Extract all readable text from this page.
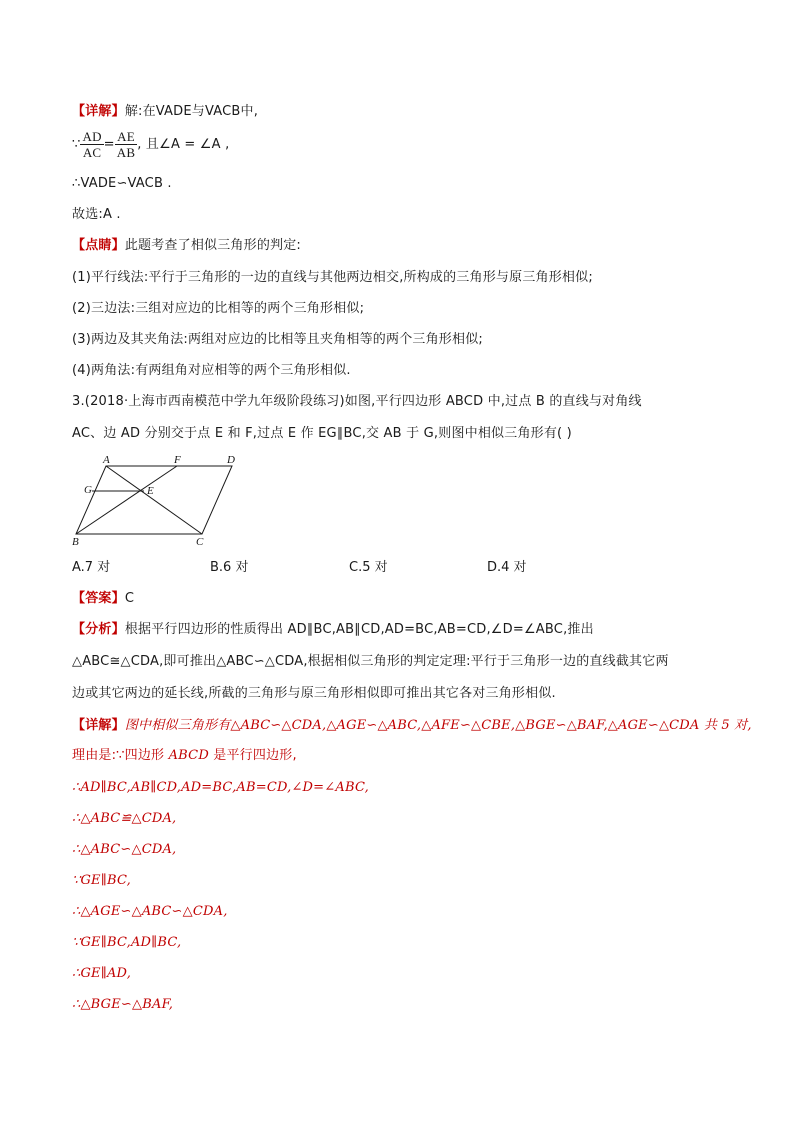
【详解】解:在VADE与VACB中,
∵ $\frac{AD}{AC} = \frac{AE}{AB}$ , 且∠A = ∠A ,
∴VADE∽VACB .
故选:A .
【点睛】此题考查了相似三角形的判定:
(1)平行线法:平行于三角形的一边的直线与其他两边相交,所构成的三角形与原三角形相似;
(2)三边法:三组对应边的比相等的两个三角形相似;
(3)两边及其夹角法:两组对应边的比相等且夹角相等的两个三角形相似;
(4)两角法:有两组角对应相等的两个三角形相似.
3.(2018·上海市西南模范中学九年级阶段练习)如图,平行四边形 ABCD 中,过点 B 的直线与对角线
AC、边 AD 分别交于点 E 和 F,过点 E 作 EG∥BC,交 AB 于 G,则图中相似三角形有( )
A	F	D
G	E
B	C
A.7 对	B.6 对	C.5 对	D.4 对
【答案】C
【分析】根据平行四边形的性质得出 AD∥BC,AB∥CD,AD=BC,AB=CD,∠D=∠ABC,推出
△ABC≅△CDA,即可推出△ABC∽△CDA,根据相似三角形的判定定理:平行于三角形一边的直线截其它两
边或其它两边的延长线,所截的三角形与原三角形相似即可推出其它各对三角形相似.
【详解】图中相似三角形有△ABC∽△CDA,△AGE∽△ABC,△AFE∽△CBE,△BGE∽△BAF,△AGE∽△CDA 共 5 对,
理由是:∵四边形 ABCD 是平行四边形,
∴AD∥BC,AB∥CD,AD=BC,AB=CD,∠D=∠ABC,
∴△ABC≌△CDA,
∴△ABC∽△CDA,
∵GE∥BC,
∴△AGE∽△ABC∽△CDA,
∵GE∥BC,AD∥BC,
∴GE∥AD,
∴△BGE∽△BAF,
